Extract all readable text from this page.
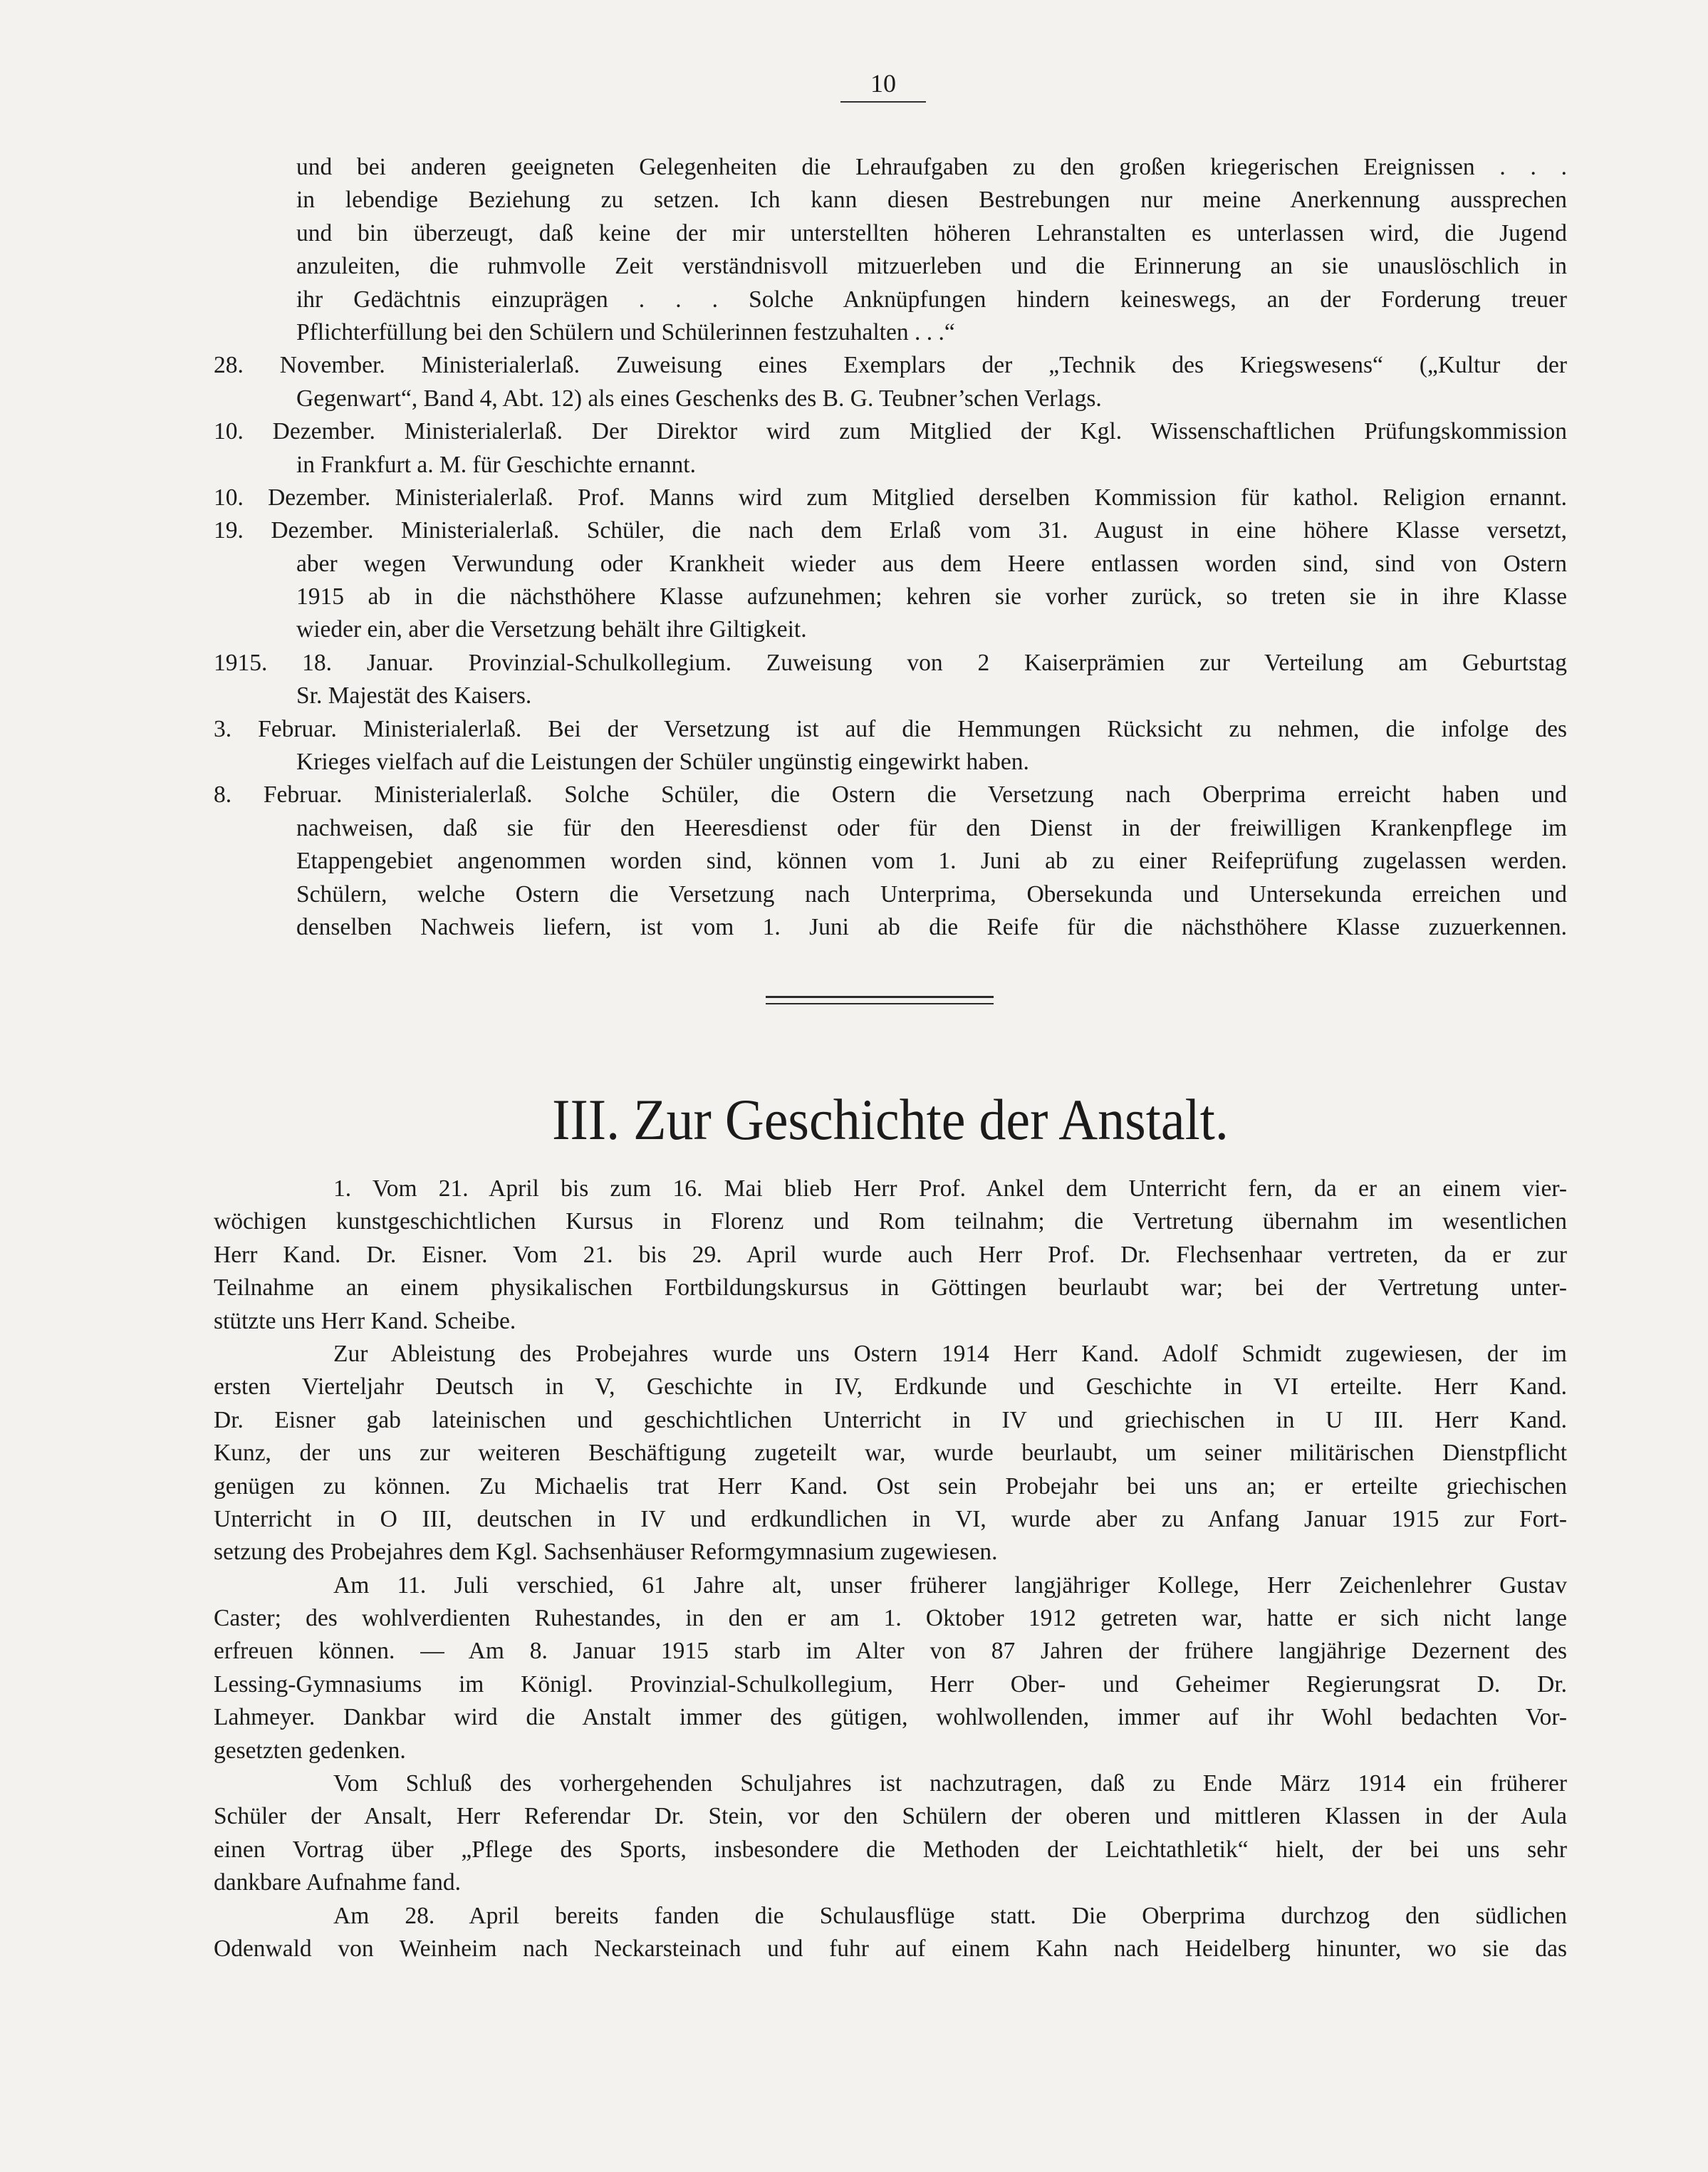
10
und bei anderen geeigneten Gelegenheiten die Lehraufgaben zu den großen kriegerischen Ereignissen . . .
in lebendige Beziehung zu setzen. Ich kann diesen Bestrebungen nur meine Anerkennung aussprechen
und bin überzeugt, daß keine der mir unterstellten höheren Lehranstalten es unterlassen wird, die Jugend
anzuleiten, die ruhmvolle Zeit verständnisvoll mitzuerleben und die Erinnerung an sie unauslöschlich in
ihr Gedächtnis einzuprägen . . . Solche Anknüpfungen hindern keineswegs, an der Forderung treuer
Pflichterfüllung bei den Schülern und Schülerinnen festzuhalten . . .“
28. November. Ministerialerlaß. Zuweisung eines Exemplars der „Technik des Kriegswesens“ („Kultur der
Gegenwart“, Band 4, Abt. 12) als eines Geschenks des B. G. Teubner’schen Verlags.
10. Dezember. Ministerialerlaß. Der Direktor wird zum Mitglied der Kgl. Wissenschaftlichen Prüfungskommission
in Frankfurt a. M. für Geschichte ernannt.
10. Dezember. Ministerialerlaß. Prof. Manns wird zum Mitglied derselben Kommission für kathol. Religion ernannt.
19. Dezember. Ministerialerlaß. Schüler, die nach dem Erlaß vom 31. August in eine höhere Klasse versetzt,
aber wegen Verwundung oder Krankheit wieder aus dem Heere entlassen worden sind, sind von Ostern
1915 ab in die nächsthöhere Klasse aufzunehmen; kehren sie vorher zurück, so treten sie in ihre Klasse
wieder ein, aber die Versetzung behält ihre Giltigkeit.
1915. 18. Januar. Provinzial-Schulkollegium. Zuweisung von 2 Kaiserprämien zur Verteilung am Geburtstag
Sr. Majestät des Kaisers.
3. Februar. Ministerialerlaß. Bei der Versetzung ist auf die Hemmungen Rücksicht zu nehmen, die infolge des
Krieges vielfach auf die Leistungen der Schüler ungünstig eingewirkt haben.
8. Februar. Ministerialerlaß. Solche Schüler, die Ostern die Versetzung nach Oberprima erreicht haben und
nachweisen, daß sie für den Heeresdienst oder für den Dienst in der freiwilligen Krankenpflege im
Etappengebiet angenommen worden sind, können vom 1. Juni ab zu einer Reifeprüfung zugelassen werden.
Schülern, welche Ostern die Versetzung nach Unterprima, Obersekunda und Untersekunda erreichen und
denselben Nachweis liefern, ist vom 1. Juni ab die Reife für die nächsthöhere Klasse zuzuerkennen.
III. Zur Geschichte der Anstalt.
1. Vom 21. April bis zum 16. Mai blieb Herr Prof. Ankel dem Unterricht fern, da er an einem vier-
wöchigen kunstgeschichtlichen Kursus in Florenz und Rom teilnahm; die Vertretung übernahm im wesentlichen
Herr Kand. Dr. Eisner. Vom 21. bis 29. April wurde auch Herr Prof. Dr. Flechsenhaar vertreten, da er zur
Teilnahme an einem physikalischen Fortbildungskursus in Göttingen beurlaubt war; bei der Vertretung unter-
stützte uns Herr Kand. Scheibe.
Zur Ableistung des Probejahres wurde uns Ostern 1914 Herr Kand. Adolf Schmidt zugewiesen, der im
ersten Vierteljahr Deutsch in V, Geschichte in IV, Erdkunde und Geschichte in VI erteilte. Herr Kand.
Dr. Eisner gab lateinischen und geschichtlichen Unterricht in IV und griechischen in U III. Herr Kand.
Kunz, der uns zur weiteren Beschäftigung zugeteilt war, wurde beurlaubt, um seiner militärischen Dienstpflicht
genügen zu können. Zu Michaelis trat Herr Kand. Ost sein Probejahr bei uns an; er erteilte griechischen
Unterricht in O III, deutschen in IV und erdkundlichen in VI, wurde aber zu Anfang Januar 1915 zur Fort-
setzung des Probejahres dem Kgl. Sachsenhäuser Reformgymnasium zugewiesen.
Am 11. Juli verschied, 61 Jahre alt, unser früherer langjähriger Kollege, Herr Zeichenlehrer Gustav
Caster; des wohlverdienten Ruhestandes, in den er am 1. Oktober 1912 getreten war, hatte er sich nicht lange
erfreuen können. — Am 8. Januar 1915 starb im Alter von 87 Jahren der frühere langjährige Dezernent des
Lessing-Gymnasiums im Königl. Provinzial-Schulkollegium, Herr Ober- und Geheimer Regierungsrat D. Dr.
Lahmeyer. Dankbar wird die Anstalt immer des gütigen, wohlwollenden, immer auf ihr Wohl bedachten Vor-
gesetzten gedenken.
Vom Schluß des vorhergehenden Schuljahres ist nachzutragen, daß zu Ende März 1914 ein früherer
Schüler der Ansalt, Herr Referendar Dr. Stein, vor den Schülern der oberen und mittleren Klassen in der Aula
einen Vortrag über „Pflege des Sports, insbesondere die Methoden der Leichtathletik“ hielt, der bei uns sehr
dankbare Aufnahme fand.
Am 28. April bereits fanden die Schulausflüge statt. Die Oberprima durchzog den südlichen
Odenwald von Weinheim nach Neckarsteinach und fuhr auf einem Kahn nach Heidelberg hinunter, wo sie das
